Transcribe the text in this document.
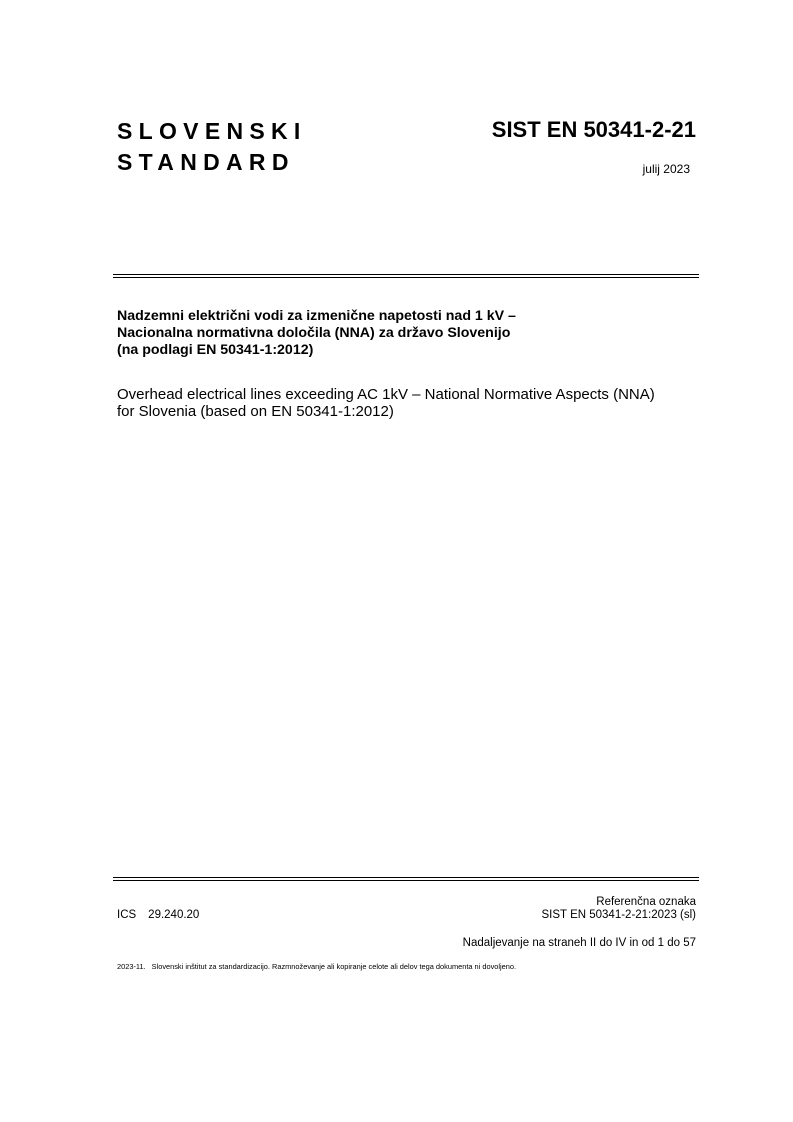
SLOVENSKI
STANDARD
SIST EN 50341-2-21
julij 2023
Nadzemni električni vodi za izmenične napetosti nad 1 kV –
Nacionalna normativna določila (NNA) za državo Slovenijo
(na podlagi EN 50341-1:2012)
Overhead electrical lines exceeding AC 1kV – National Normative Aspects (NNA)
for Slovenia (based on EN 50341-1:2012)
Referenčna oznaka
ICS 29.240.20	SIST EN 50341-2-21:2023 (sl)
Nadaljevanje na straneh II do IV in od 1 do 57
2023-11. Slovenski inštitut za standardizacijo. Razmnoževanje ali kopiranje celote ali delov tega dokumenta ni dovoljeno.
